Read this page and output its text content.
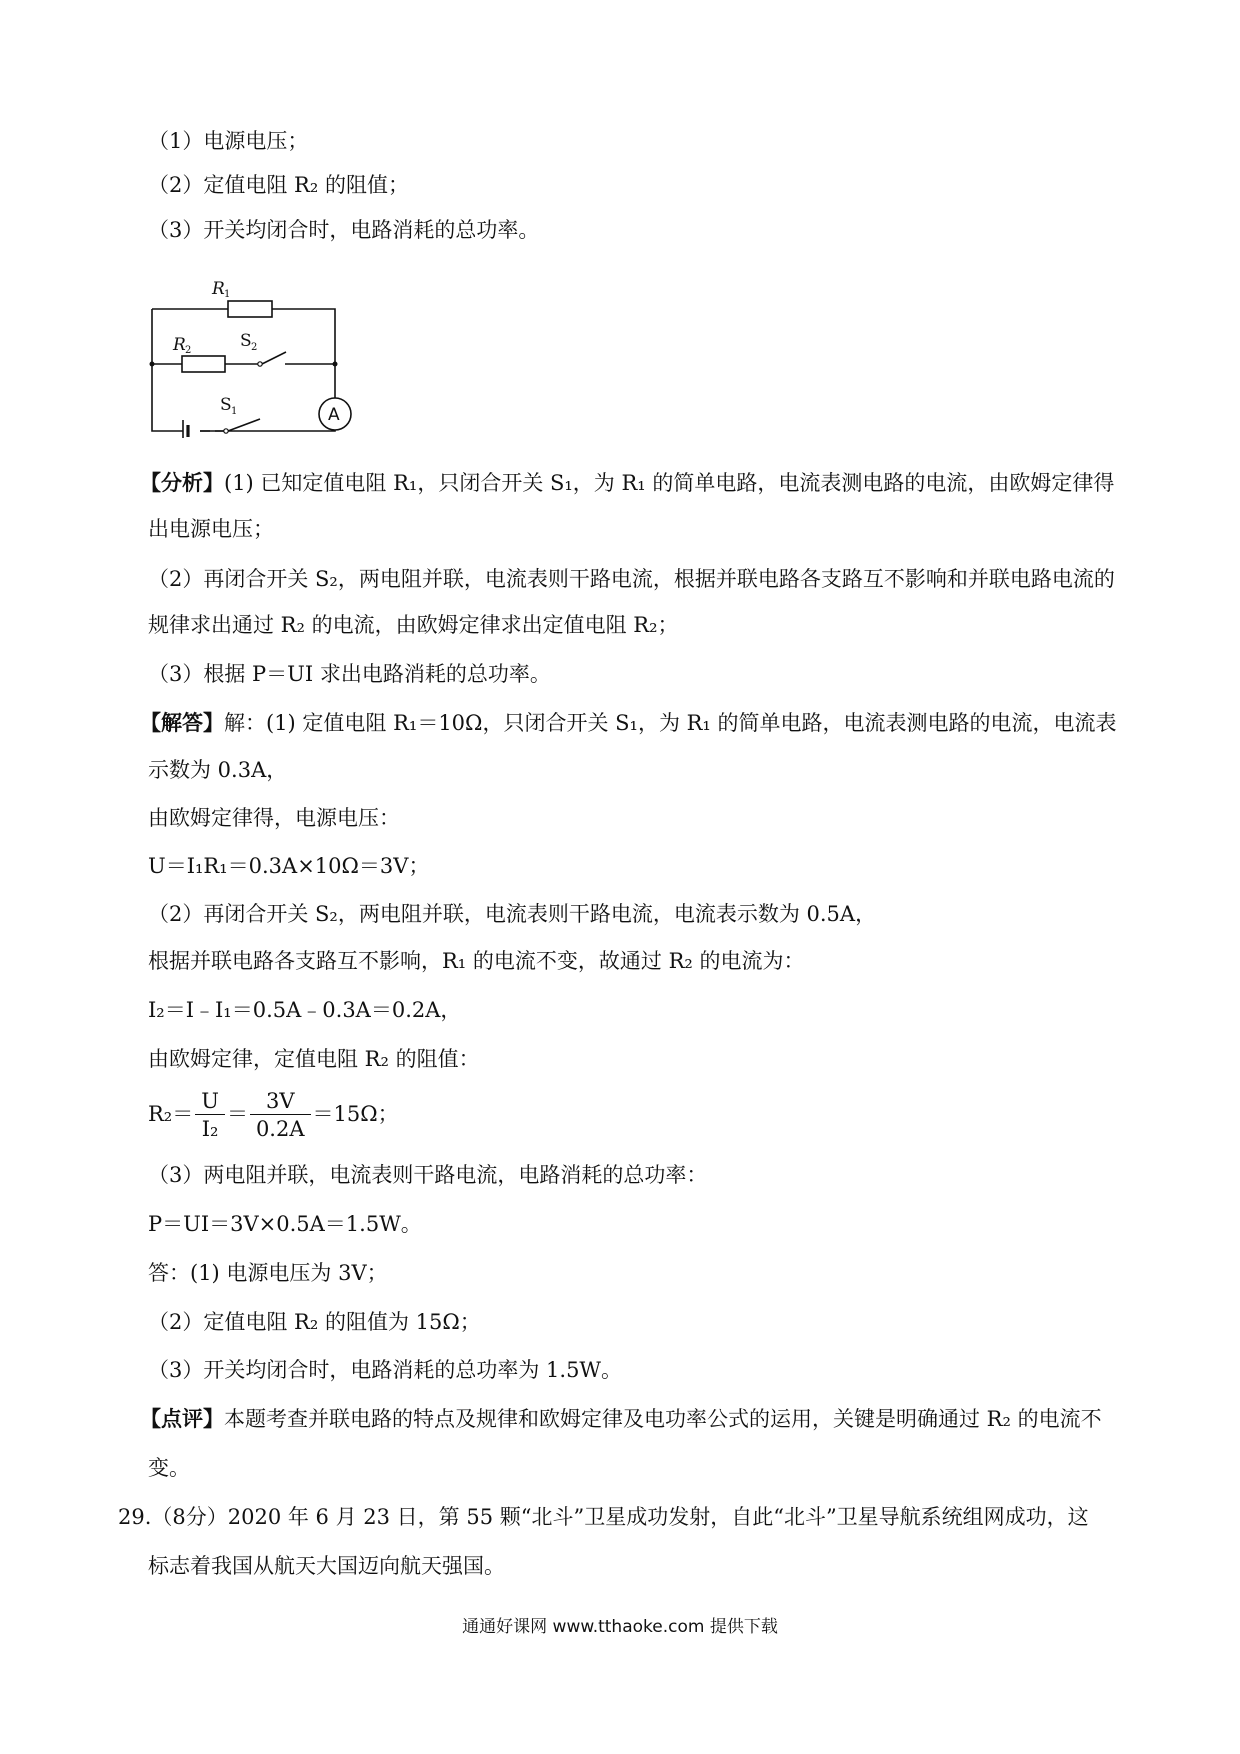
（1）电源电压；
（2）定值电阻 R₂ 的阻值；
（3）开关均闭合时，电路消耗的总功率。
R 1
R 2	S 2
S 1	A
【分析】(1) 已知定值电阻 R₁，只闭合开关 S₁，为 R₁ 的简单电路，电流表测电路的电流，由欧姆定律得
出电源电压；
（2）再闭合开关 S₂，两电阻并联，电流表则干路电流，根据并联电路各支路互不影响和并联电路电流的
规律求出通过 R₂ 的电流，由欧姆定律求出定值电阻 R₂；
（3）根据 P＝UI 求出电路消耗的总功率。
【解答】解：(1) 定值电阻 R₁＝10Ω，只闭合开关 S₁，为 R₁ 的简单电路，电流表测电路的电流，电流表
示数为 0.3A，
由欧姆定律得，电源电压：
U＝I₁R₁＝0.3A×10Ω＝3V；
（2）再闭合开关 S₂，两电阻并联，电流表则干路电流，电流表示数为 0.5A，
根据并联电路各支路互不影响，R₁ 的电流不变，故通过 R₂ 的电流为：
I₂＝I﹣I₁＝0.5A﹣0.3A＝0.2A，
由欧姆定律，定值电阻 R₂ 的阻值：
$R_2= \frac{U}{\text{I₂}} = \frac{3V}{0.2A} =15\Omega$；
（3）两电阻并联，电流表则干路电流，电路消耗的总功率：
P＝UI＝3V×0.5A＝1.5W。
答：(1) 电源电压为 3V；
（2）定值电阻 R₂ 的阻值为 15Ω；
（3）开关均闭合时，电路消耗的总功率为 1.5W。
【点评】本题考查并联电路的特点及规律和欧姆定律及电功率公式的运用，关键是明确通过 R₂ 的电流不
变。
29.（8分）2020 年 6 月 23 日，第 55 颗“北斗”卫星成功发射，自此“北斗”卫星导航系统组网成功，这
标志着我国从航天大国迈向航天强国。
通通好课网 www.tthaoke.com 提供下载
